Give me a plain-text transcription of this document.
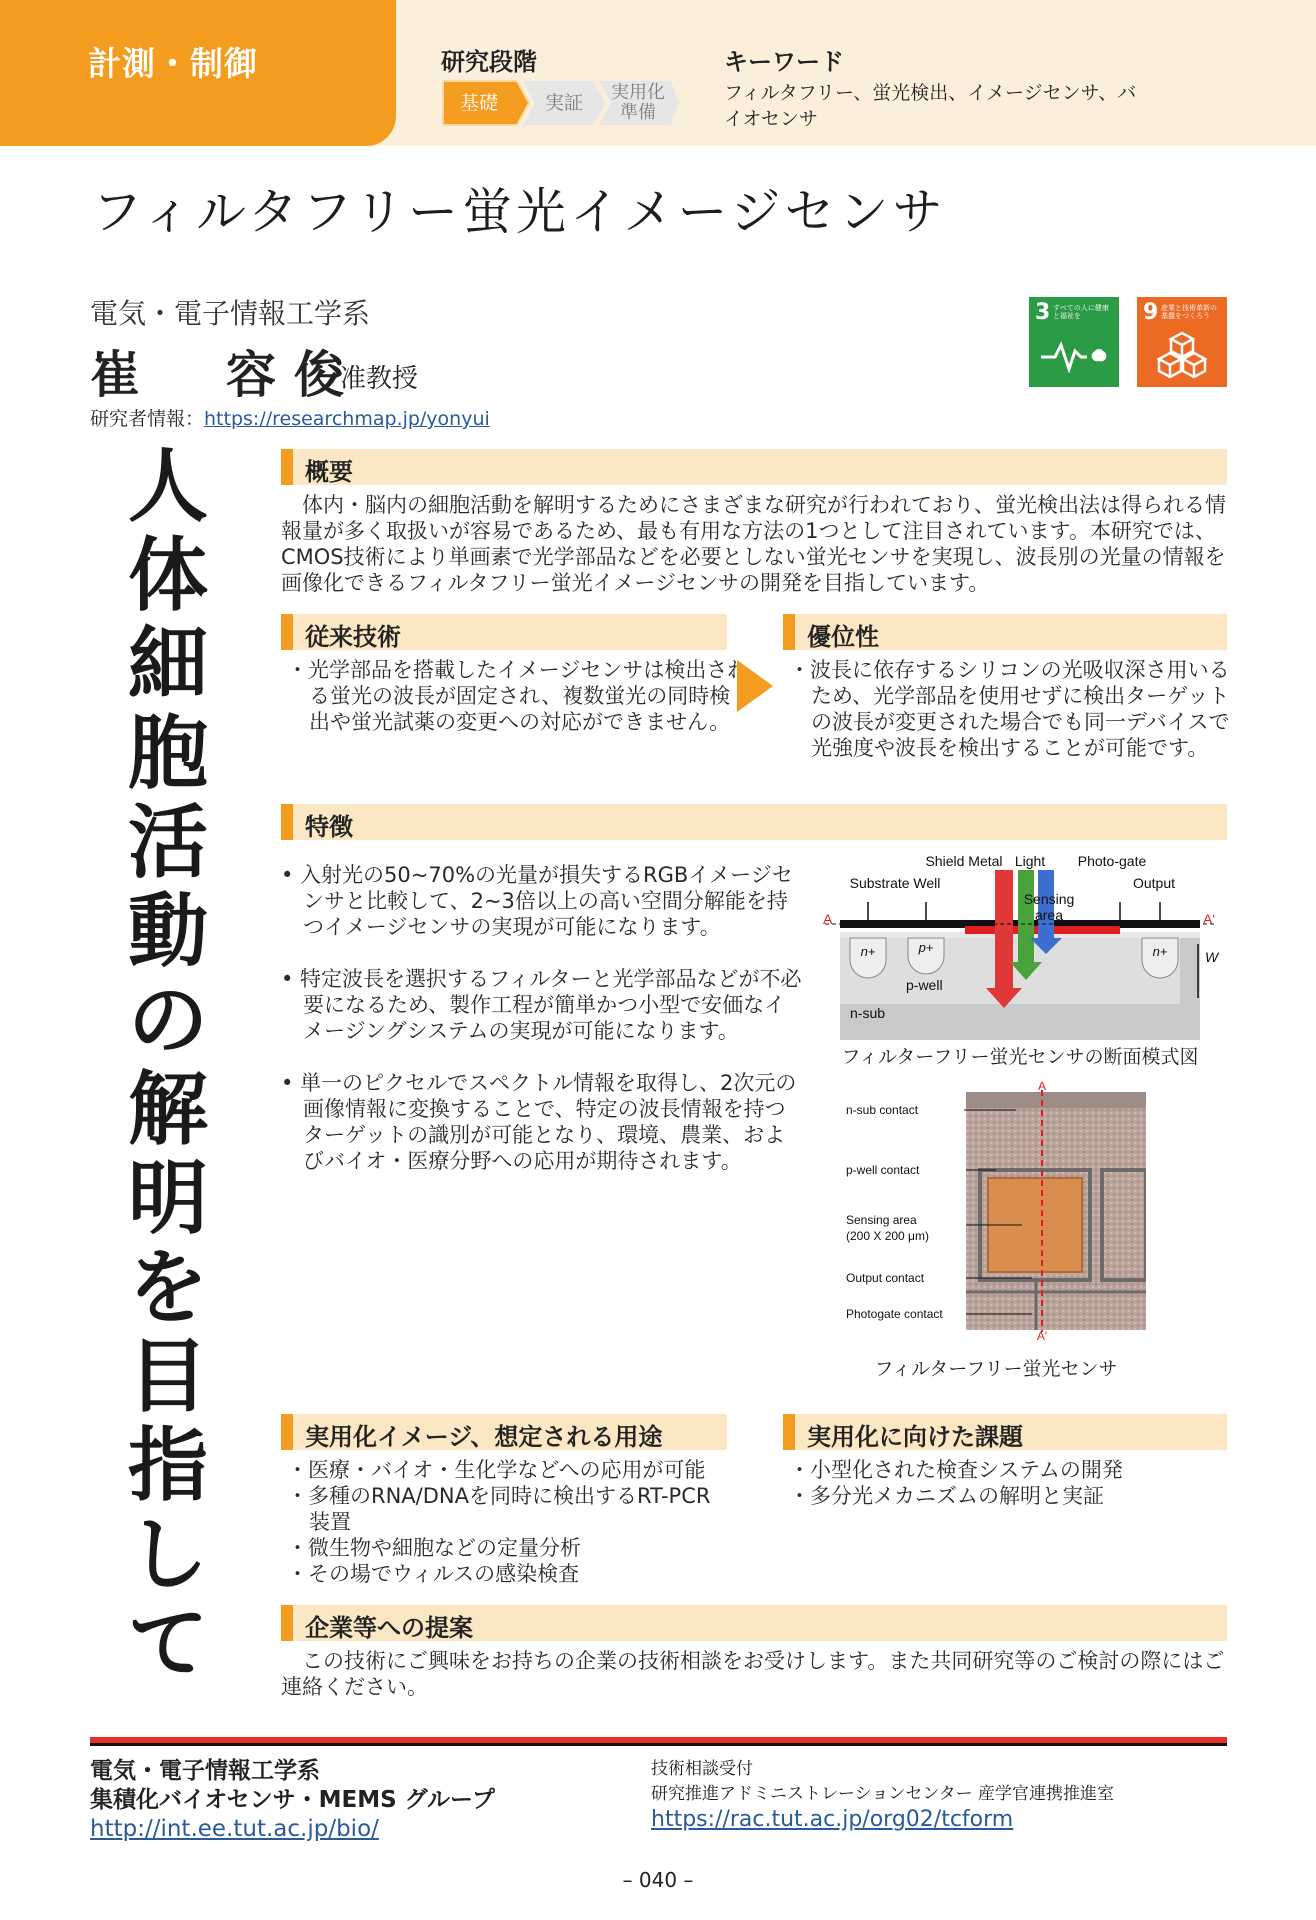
計測・制御	研究段階
基礎	実証	実用化
準備
キーワード
フィルタフリー、蛍光検出、イメージセンサ、バイオセンサ
フィルタフリー蛍光イメージセンサ
電気・電子情報工学系
崔　容俊
准教授
研究者情報：https://researchmap.jp/yonyui
3 すべての人に健康と福祉を	9 産業と技術革新の基盤をつくろう
人体細胞活動の解明を目指して
概要
　体内・脳内の細胞活動を解明するためにさまざまな研究が行われており、蛍光検出法は得られる情報量が多く取扱いが容易であるため、最も有用な方法の1つとして注目されています。本研究では、CMOS技術により単画素で光学部品などを必要としない蛍光センサを実現し、波長別の光量の情報を画像化できるフィルタフリー蛍光イメージセンサの開発を目指しています。
従来技術
・光学部品を搭載したイメージセンサは検出される蛍光の波長が固定され、複数蛍光の同時検出や蛍光試薬の変更への対応ができません。
優位性
・波長に依存するシリコンの光吸収深さ用いるため、光学部品を使用せずに検出ターゲットの波長が変更された場合でも同一デバイスで光強度や波長を検出することが可能です。
特徴
• 入射光の50~70%の光量が損失するRGBイメージセンサと比較して、2~3倍以上の高い空間分解能を持つイメージセンサの実現が可能になります。
• 特定波長を選択するフィルターと光学部品などが不必要になるため、製作工程が簡単かつ小型で安価なイメージングシステムの実現が可能になります。
• 単一のピクセルでスペクトル情報を取得し、2次元の画像情報に変換することで、特定の波長情報を持つターゲットの識別が可能となり、環境、農業、およびバイオ・医療分野への応用が期待されます。
Shield Metal Light Photo-gate
Substrate Well	Output
Sensing
area
A	A'
n+	p+	n+
p-well
n-sub
W
フィルターフリー蛍光センサの断面模式図
A
A'
n-sub contact
p-well contact
Sensing area
(200 X 200 μm)
Output contact
Photogate contact
フィルターフリー蛍光センサ
実用化イメージ、想定される用途
・医療・バイオ・生化学などへの応用が可能
・多種のRNA/DNAを同時に検出するRT-PCR装置
・微生物や細胞などの定量分析
・その場でウィルスの感染検査
実用化に向けた課題
・小型化された検査システムの開発
・多分光メカニズムの解明と実証
企業等への提案
　この技術にご興味をお持ちの企業の技術相談をお受けします。また共同研究等のご検討の際にはご連絡ください。
電気・電子情報工学系
集積化バイオセンサ・MEMS グループ
http://int.ee.tut.ac.jp/bio/
技術相談受付
研究推進アドミニストレーションセンター 産学官連携推進室
https://rac.tut.ac.jp/org02/tcform
– 040 –
